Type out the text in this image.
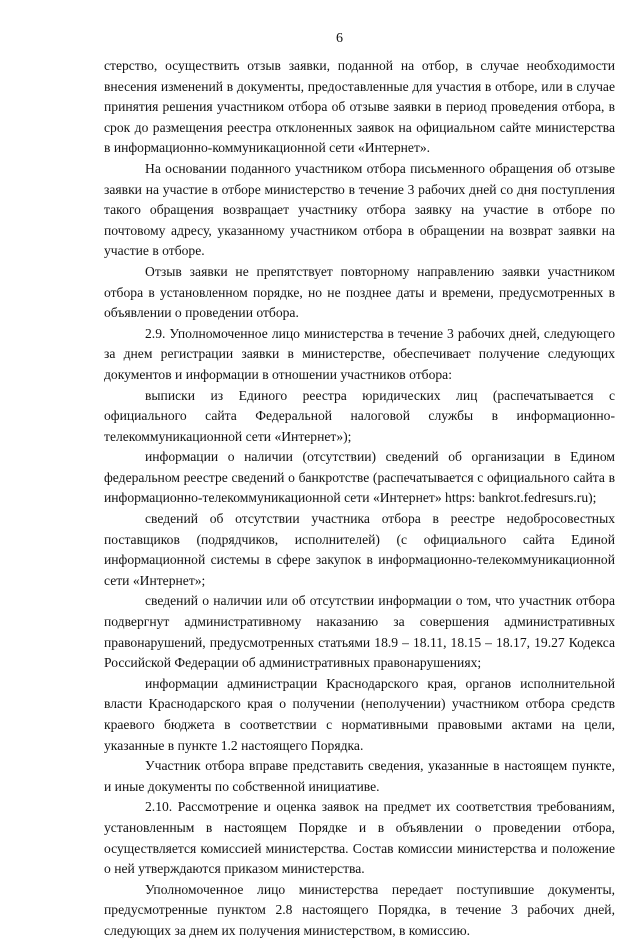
6

стерство, осуществить отзыв заявки, поданной на отбор, в случае необходимости внесения изменений в документы, предоставленные для участия в отборе, или в случае принятия решения участником отбора об отзыве заявки в период проведения отбора, в срок до размещения реестра отклоненных заявок на официальном сайте министерства в информационно-коммуникационной сети «Интернет».

На основании поданного участником отбора письменного обращения об отзыве заявки на участие в отборе министерство в течение 3 рабочих дней со дня поступления такого обращения возвращает участнику отбора заявку на участие в отборе по почтовому адресу, указанному участником отбора в обращении на возврат заявки на участие в отборе.

Отзыв заявки не препятствует повторному направлению заявки участником отбора в установленном порядке, но не позднее даты и времени, предусмотренных в объявлении о проведении отбора.

2.9. Уполномоченное лицо министерства в течение 3 рабочих дней, следующего за днем регистрации заявки в министерстве, обеспечивает получение следующих документов и информации в отношении участников отбора:

выписки из Единого реестра юридических лиц (распечатывается с официального сайта Федеральной налоговой службы в информационно-телекоммуникационной сети «Интернет»);

информации о наличии (отсутствии) сведений об организации в Едином федеральном реестре сведений о банкротстве (распечатывается с официального сайта в информационно-телекоммуникационной сети «Интернет» https: bankrot.fedresurs.ru);

сведений об отсутствии участника отбора в реестре недобросовестных поставщиков (подрядчиков, исполнителей) (с официального сайта Единой информационной системы в сфере закупок в информационно-телекоммуникационной сети «Интернет»;

сведений о наличии или об отсутствии информации о том, что участник отбора подвергнут административному наказанию за совершения административных правонарушений, предусмотренных статьями 18.9 – 18.11, 18.15 – 18.17, 19.27 Кодекса Российской Федерации об административных правонарушениях;

информации администрации Краснодарского края, органов исполнительной власти Краснодарского края о получении (неполучении) участником отбора средств краевого бюджета в соответствии с нормативными правовыми актами на цели, указанные в пункте 1.2 настоящего Порядка.

Участник отбора вправе представить сведения, указанные в настоящем пункте, и иные документы по собственной инициативе.

2.10. Рассмотрение и оценка заявок на предмет их соответствия требованиям, установленным в настоящем Порядке и в объявлении о проведении отбора, осуществляется комиссией министерства. Состав комиссии министерства и положение о ней утверждаются приказом министерства.

Уполномоченное лицо министерства передает поступившие документы, предусмотренные пунктом 2.8 настоящего Порядка, в течение 3 рабочих дней, следующих за днем их получения министерством, в комиссию.
